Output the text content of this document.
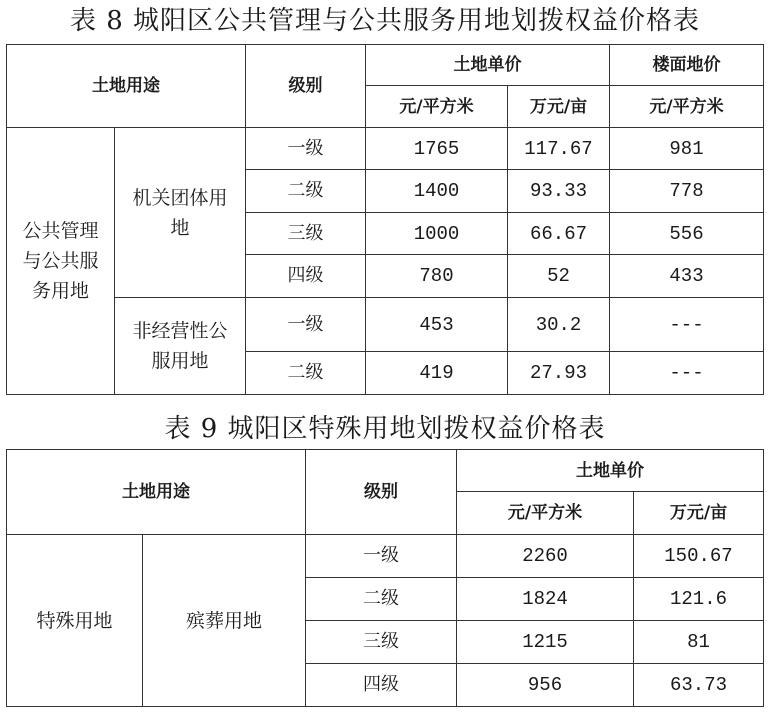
表 8 城阳区公共管理与公共服务用地划拨权益价格表
土地用途		级别	土地单价		楼面地价
			元/平方米	万元/亩	元/平方米
公共管理与公共服务用地	机关团体用地	一级	1765	117.67	981
		二级	1400	93.33	778
		三级	1000	66.67	556
		四级	780	52	433
	非经营性公服用地	一级	453	30.2	---
		二级	419	27.93	---
表 9 城阳区特殊用地划拨权益价格表
土地用途		级别	土地单价	
			元/平方米	万元/亩
特殊用地	殡葬用地	一级	2260	150.67
		二级	1824	121.6
		三级	1215	81
		四级	956	63.73
